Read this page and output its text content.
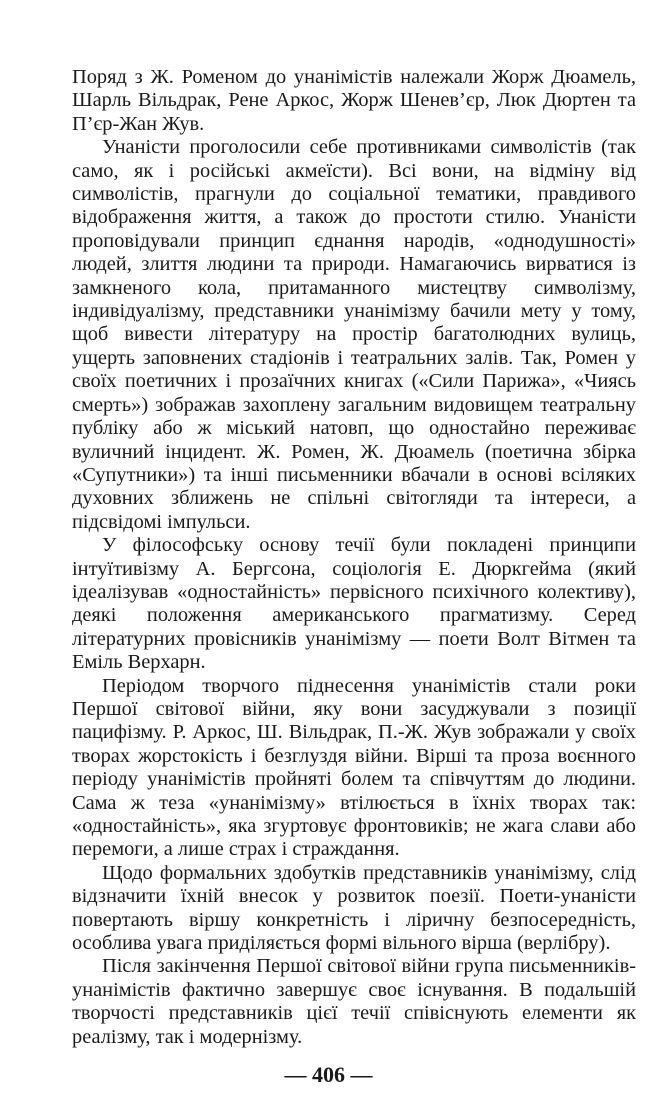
Поряд з Ж. Роменом до унанімістів належали Жорж Дюамель, Шарль Вільдрак, Рене Аркос, Жорж Шенев’єр, Люк Дюртен та П’єр-Жан Жув.

Унаністи проголосили себе противниками символістів (так само, як і російські акмеїсти). Всі вони, на відміну від символістів, прагнули до соціальної тематики, правдивого відображення життя, а також до простоти стилю. Унаністи проповідували принцип єднання народів, «однодушності» людей, злиття людини та природи. Намагаючись вирватися із замкненого кола, притаманного мистецтву символізму, індивідуалізму, представники унанімізму бачили мету у тому, щоб вивести літературу на простір багатолюдних вулиць, ущерть заповнених стадіонів і театральних залів. Так, Ромен у своїх поетичних і прозаїчних книгах («Сили Парижа», «Чиясь смерть») зображав захоплену загальним видовищем театральну публіку або ж міський натовп, що одностайно переживає вуличний інцидент. Ж. Ромен, Ж. Дюамель (поетична збірка «Супутники») та інші письменники вбачали в основі всіляких духовних зближень не спільні світогляди та інтереси, а підсвідомі імпульси.

У філософську основу течії були покладені принципи інтуїтивізму А. Бергсона, соціологія Е. Дюркгейма (який ідеалізував «одностайність» первісного психічного колективу), деякі положення американського прагматизму. Серед літературних провісників унанімізму — поети Волт Вітмен та Еміль Верхарн.

Періодом творчого піднесення унанімістів стали роки Першої світової війни, яку вони засуджували з позиції пацифізму. Р. Аркос, Ш. Вільдрак, П.-Ж. Жув зображали у своїх творах жорстокість і безглуздя війни. Вірші та проза воєнного періоду унанімістів пройняті болем та співчуттям до людини. Сама ж теза «унанімізму» втілюється в їхніх творах так: «одностайність», яка згуртовує фронтовиків; не жага слави або перемоги, а лише страх і страждання.

Щодо формальних здобутків представників унанімізму, слід відзначити їхній внесок у розвиток поезії. Поети-унаністи повертають віршу конкретність і ліричну безпосередність, особлива увага приділяється формі вільного вірша (верлібру).

Після закінчення Першої світової війни група письменників-унанімістів фактично завершує своє існування. В подальшій творчості представників цієї течії співіснують елементи як реалізму, так і модернізму.

— 406 —
